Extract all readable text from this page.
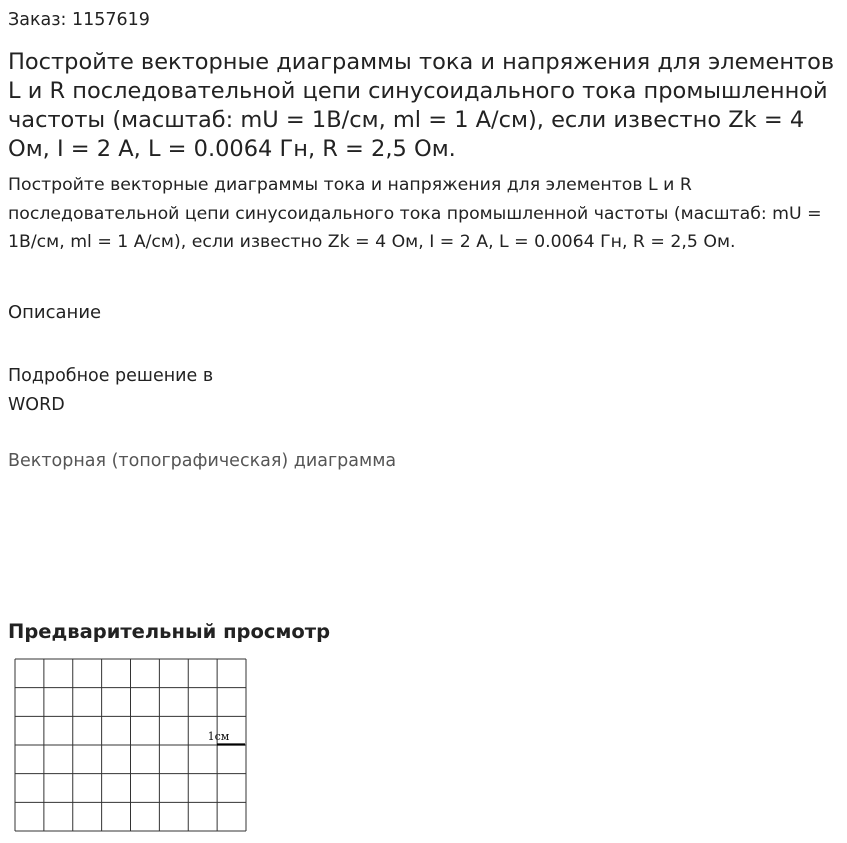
Заказ: 1157619
Постройте векторные диаграммы тока и напряжения для элементов L и R последовательной цепи синусоидального тока промышленной частоты (масштаб: mU = 1В/см, ml = 1 А/см), если известно Zk = 4 Ом, I = 2 А, L = 0.0064 Гн, R = 2,5 Ом.
Постройте векторные диаграммы тока и напряжения для элементов L и R последовательной цепи синусоидального тока промышленной частоты (масштаб: mU = 1В/см, ml = 1 А/см), если известно Zk = 4 Ом, I = 2 А, L = 0.0064 Гн, R = 2,5 Ом.
Описание
Подробное решение в
WORD
Векторная (топографическая) диаграмма
Предварительный просмотр
1см
